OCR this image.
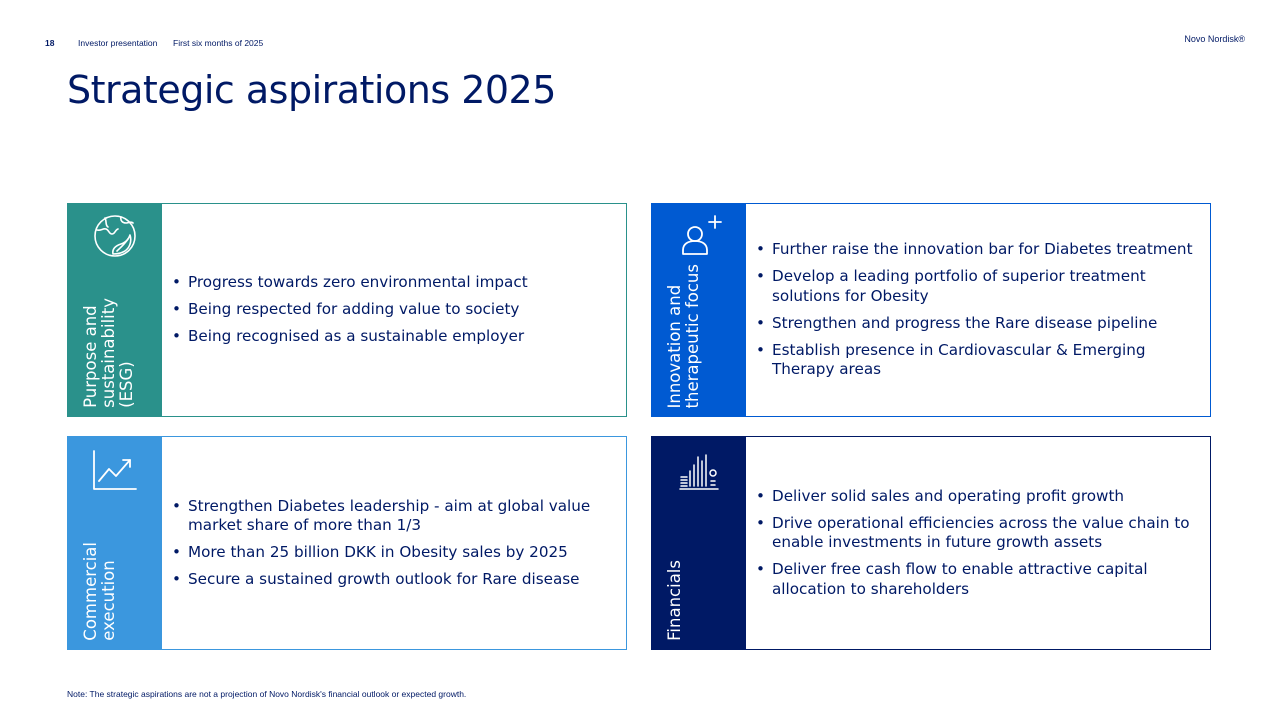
18	Investor presentation First six months of 2025	Novo Nordisk®
Strategic aspirations 2025
Purpose and
sustainability
(ESG)
• Progress towards zero environmental impact
• Being respected for adding value to society
• Being recognised as a sustainable employer	Innovation and
therapeutic focus
• Further raise the innovation bar for Diabetes treatment
• Develop a leading portfolio of superior treatment solutions for Obesity
• Strengthen and progress the Rare disease pipeline
• Establish presence in Cardiovascular & Emerging Therapy areas
Commercial
execution
• Strengthen Diabetes leadership - aim at global value market share of more than 1/3
• More than 25 billion DKK in Obesity sales by 2025
• Secure a sustained growth outlook for Rare disease	Financials
• Deliver solid sales and operating profit growth
• Drive operational efficiencies across the value chain to enable investments in future growth assets
• Deliver free cash flow to enable attractive capital allocation to shareholders
Note: The strategic aspirations are not a projection of Novo Nordisk's financial outlook or expected growth.
